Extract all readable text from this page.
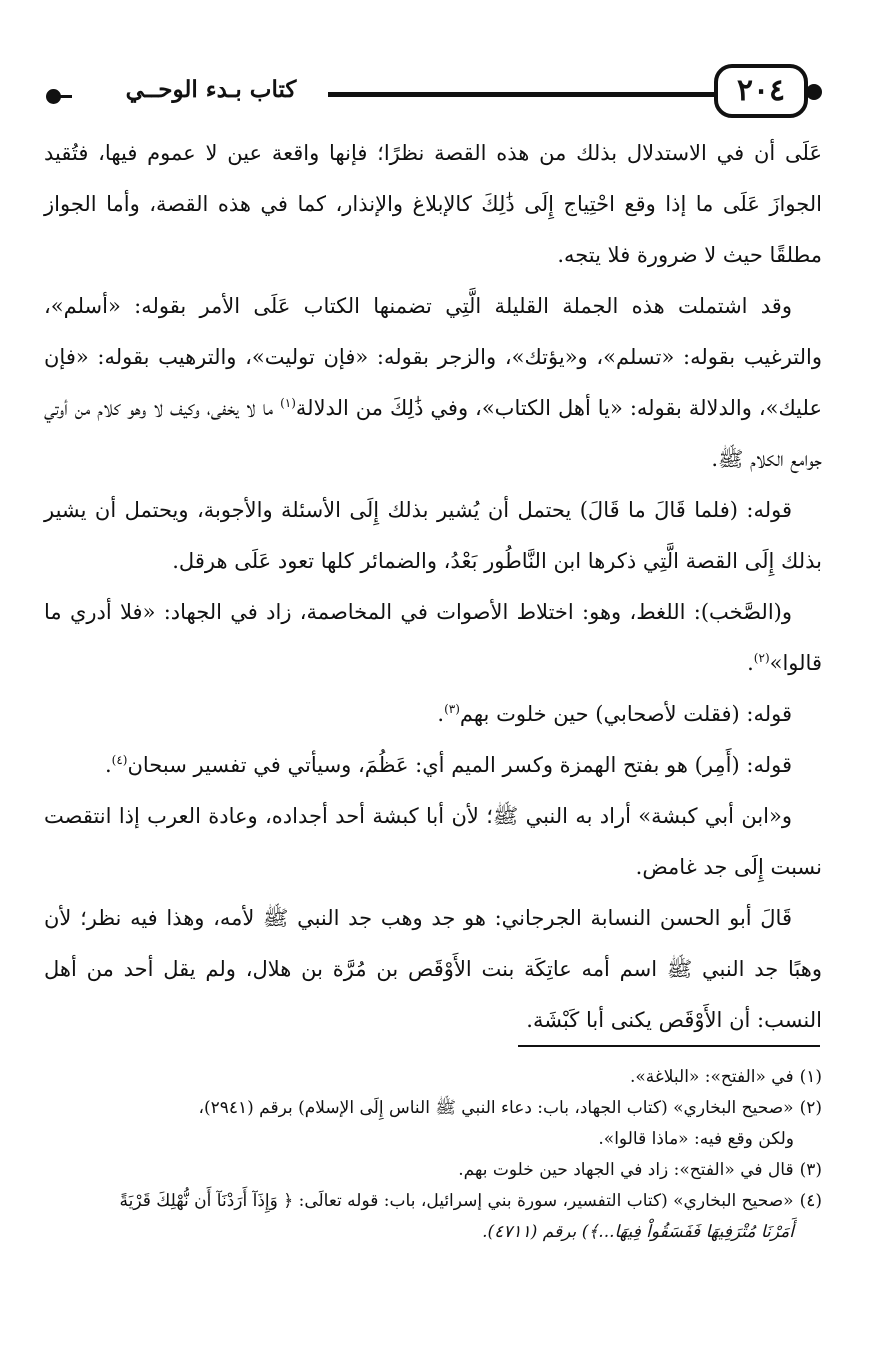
٢٠٤
كتاب بـدء الوحــي

عَلَى أن في الاستدلال بذلك من هذه القصة نظرًا؛ فإنها واقعة عين لا عموم فيها، فتُقيد الجوازَ عَلَى ما إذا وقع احْتِياج إِلَى ذَٰلِكَ كالإبلاغ والإنذار، كما في هذه القصة، وأما الجواز مطلقًا حيث لا ضرورة فلا يتجه.

وقد اشتملت هذه الجملة القليلة الَّتِي تضمنها الكتاب عَلَى الأمر بقوله: «أسلم»، والترغيب بقوله: «تسلم»، و«يؤتك»، والزجر بقوله: «فإن توليت»، والترهيب بقوله: «فإن عليك»، والدلالة بقوله: «يا أهل الكتاب»، وفي ذَٰلِكَ من الدلالة$^{(١)}$ ما لا يخفى، وكيف لا وهو كلام من أوتي جوامع الكلام ﷺ.

قوله: (فلما قَالَ ما قَالَ) يحتمل أن يُشير بذلك إِلَى الأسئلة والأجوبة، ويحتمل أن يشير بذلك إِلَى القصة الَّتِي ذكرها ابن النَّاطُور بَعْدُ، والضمائر كلها تعود عَلَى هرقل.

و(الصَّخب): اللغط، وهو: اختلاط الأصوات في المخاصمة، زاد في الجهاد: «فلا أدري ما قالوا»$^{(٢)}$.

قوله: (فقلت لأصحابي) حين خلوت بهم$^{(٣)}$.

قوله: (أَمِر) هو بفتح الهمزة وكسر الميم أي: عَظُمَ، وسيأتي في تفسير سبحان$^{(٤)}$.

و«ابن أبي كبشة» أراد به النبي ﷺ؛ لأن أبا كبشة أحد أجداده، وعادة العرب إذا انتقصت نسبت إِلَى جد غامض.

قَالَ أبو الحسن النسابة الجرجاني: هو جد وهب جد النبي ﷺ لأمه، وهذا فيه نظر؛ لأن وهبًا جد النبي ﷺ اسم أمه عاتِكَة بنت الأَوْقَص بن مُرَّة بن هلال، ولم يقل أحد من أهل النسب: أن الأَوْقَص يكنى أبا كَبْشَة.

(١)في «الفتح»: «البلاغة».

(٢)«صحيح البخاري» (كتاب الجهاد، باب: دعاء النبي ﷺ الناس إِلَى الإسلام) برقم (٢٩٤١)،
ولكن وقع فيه: «ماذا قالوا».

(٣)قال في «الفتح»: زاد في الجهاد حين خلوت بهم.

(٤)«صحيح البخاري» (كتاب التفسير، سورة بني إسرائيل، باب: قوله تعالَى: ﴿ وَإِذَآ أَرَدْنَآ أَن نُّهْلِكَ قَرْيَةً
أَمَرْنَا مُتْرَفِيهَا فَفَسَقُواْ فِيهَا...﴾) برقم (٤٧١١).
